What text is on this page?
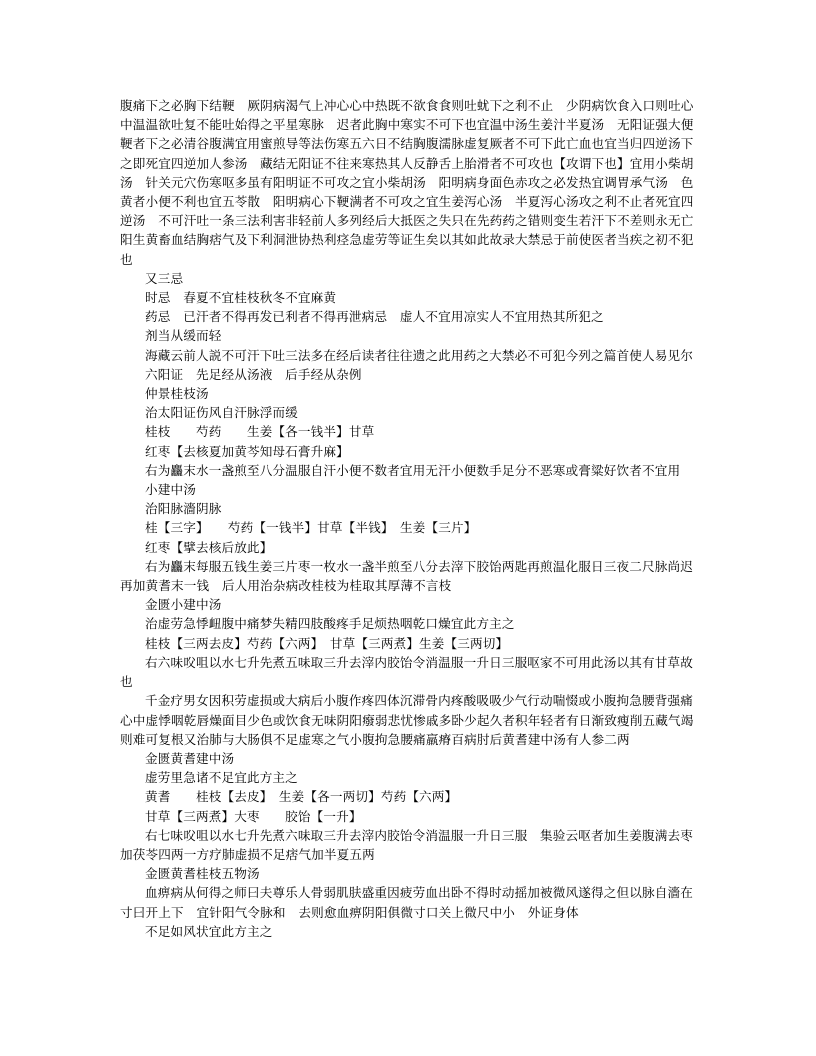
腹痛下之必胸下结鞕　厥阴病渴气上冲心心中热既不欲食食则吐蚘下之利不止　少阴病饮食入口则吐心中温温欲吐复不能吐始得之平星寒脉　迟者此胸中寒实不可下也宜温中汤生姜汁半夏汤　无阳证强大便鞕者下之必清谷腹满宜用蜜煎导等法伤寒五六日不结胸腹濡脉虚复厥者不可下此亡血也宜当归四逆汤下之即死宜四逆加人参汤　藏结无阳证不往来寒热其人反静舌上胎滑者不可攻也【攻谓下也】宜用小柴胡汤　针关元穴伤寒呕多虽有阳明证不可攻之宜小柴胡汤　阳明病身面色赤攻之必发热宜调胃承气汤　色黄者小便不利也宜五苓散　阳明病心下鞕满者不可攻之宜生姜泻心汤　半夏泻心汤攻之利不止者死宜四逆汤　不可汗吐一条三法利害非轻前人多列经后大抵医之失只在先药药之错则变生若汗下不差则永无亡阳生黄畜血结胸痞气及下利洞泄协热利痉急虚劳等证生矣以其如此故录大禁忌于前使医者当疾之初不犯也

又三忌

时忌　春夏不宜桂枝秋冬不宜麻黄

药忌　已汗者不得再发已利者不得再泄病忌　虚人不宜用凉实人不宜用热其所犯之

剂当从缓而轻

海藏云前人説不可汗下吐三法多在经后读者往往遗之此用药之大禁必不可犯今列之篇首使人易见尔

六阳证　先足经从汤液　后手经从杂例

仲景桂枝汤

治太阳证伤风自汗脉浮而缓

桂枝　　芍药　　生姜【各一钱半】甘草

红枣【去核夏加黄芩知母石膏升麻】

右为麤末水一盏煎至八分温服自汗小便不数者宜用无汗小便数手足分不恶寒或膏粱好饮者不宜用

小建中汤

治阳脉濇阴脉

桂【三字】　　芍药【一钱半】甘草【半钱】　生姜【三片】

红枣【擘去核后放此】

右为麤末每服五钱生姜三片枣一枚水一盏半煎至八分去滓下胶饴两匙再煎温化服日三夜二尺脉尚迟再加黄耆末一钱　后人用治杂病改桂枝为桂取其厚薄不言枝

金匮小建中汤

治虚劳急悸衄腹中痛梦失精四肢酸疼手足烦热咽乾口燥宜此方主之

桂枝【三两去皮】芍药【六两】　甘草【三两煮】生姜【三两切】

右六味㕮咀以水七升先煮五味取三升去滓内胶饴令消温服一升日三服呕家不可用此汤以其有甘草故也

千金疗男女因积劳虚损或大病后小腹作疼四体沉滞骨内疼酸吸吸少气行动喘惙或小腹拘急腰背强痛心中虚悸咽乾唇燥面目少色或饮食无味阴阳癈弱悲忧惨戚多卧少起久者积年轻者有日渐致瘦削五藏气竭则难可复根又治肺与大肠俱不足虚寒之气小腹拘急腰痛羸瘠百病肘后黄耆建中汤有人参二两

金匮黄耆建中汤

虚劳里急诸不足宜此方主之

黄耆　　桂枝【去皮】　生姜【各一两切】芍药【六两】

甘草【三两煮】大枣　　胶饴【一升】

右七味㕮咀以水七升先煮六味取三升去滓内胶饴令消温服一升日三服　集验云呕者加生姜腹满去枣加茯苓四两一方疗肺虚损不足痞气加半夏五两

金匮黄耆桂枝五物汤

血痹病从何得之师曰夫尊乐人骨弱肌肤盛重因疲劳血出卧不得时动摇加被微风遂得之但以脉自濇在寸曰开上下　宜针阳气令脉和　去则愈血痹阴阳俱微寸口关上微尺中小　外证身体

不足如风状宜此方主之
